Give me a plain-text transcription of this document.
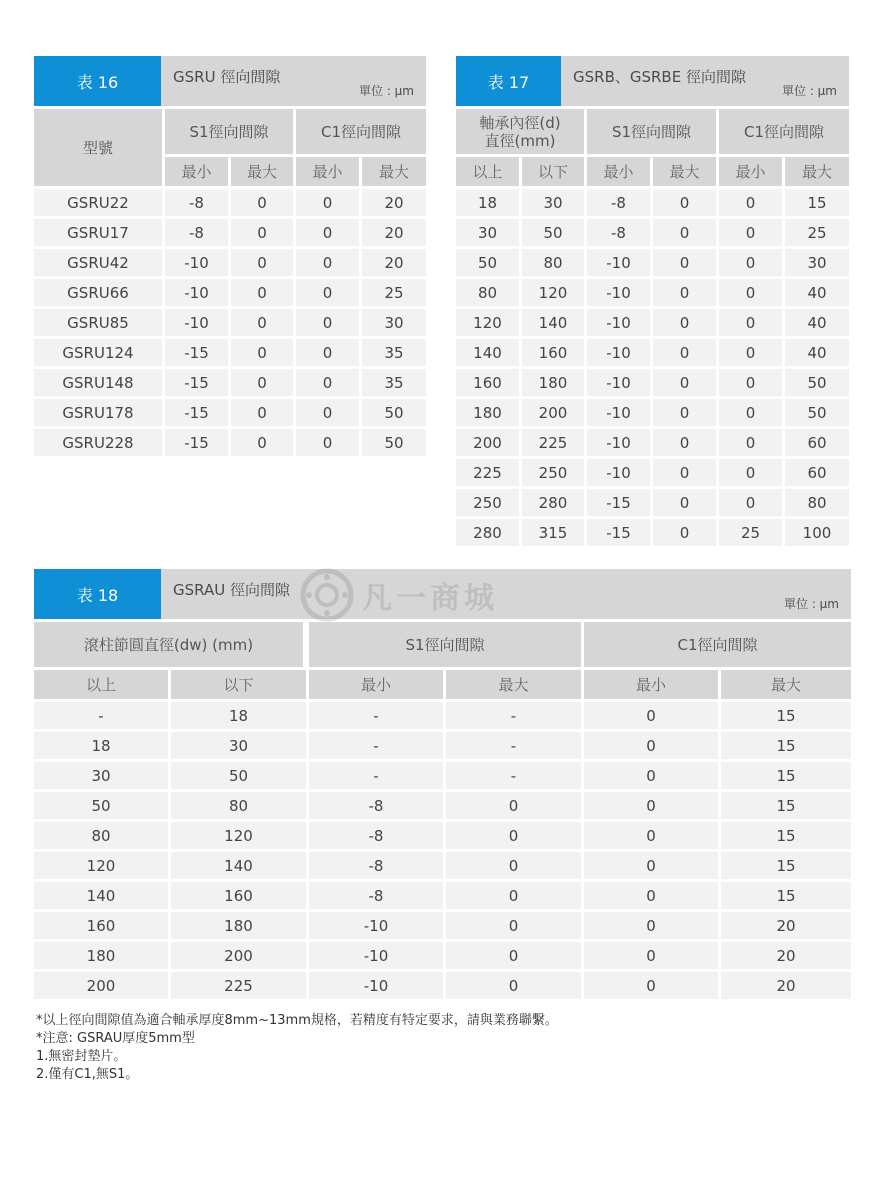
表 16	GSRU 徑向間隙
單位 : μm
型號
S1徑向間隙	C1徑向間隙
最小	最大	最小	最大
GSRU22	-8	0	0	20
GSRU17	-8	0	0	20
GSRU42	-10	0	0	20
GSRU66	-10	0	0	25
GSRU85	-10	0	0	30
GSRU124	-15	0	0	35
GSRU148	-15	0	0	35
GSRU178	-15	0	0	50
GSRU228	-15	0	0	50
表 17	GSRB、GSRBE 徑向間隙
單位 : μm
軸承內徑(d)
直徑(mm)	S1徑向間隙	C1徑向間隙
以上	以下	最小	最大	最小	最大
18	30	-8	0	0	15
30	50	-8	0	0	25
50	80	-10	0	0	30
80	120	-10	0	0	40
120	140	-10	0	0	40
140	160	-10	0	0	40
160	180	-10	0	0	50
180	200	-10	0	0	50
200	225	-10	0	0	60
225	250	-10	0	0	60
250	280	-15	0	0	80
280	315	-15	0	25	100
表 18	GSRAU 徑向間隙
單位 : μm
滾柱節圓直徑(dw) (mm)	S1徑向間隙	C1徑向間隙
以上	以下	最小	最大	最小	最大
-	18	-	-	0	15
18	30	-	-	0	15
30	50	-	-	0	15
50	80	-8	0	0	15
80	120	-8	0	0	15
120	140	-8	0	0	15
140	160	-8	0	0	15
160	180	-10	0	0	20
180	200	-10	0	0	20
200	225	-10	0	0	20
凡一商城
*以上徑向間隙值為適合軸承厚度8mm~13mm規格，若精度有特定要求，請與業務聯繫。
*注意: GSRAU厚度5mm型
1.無密封墊片。
2.僅有C1,無S1。
